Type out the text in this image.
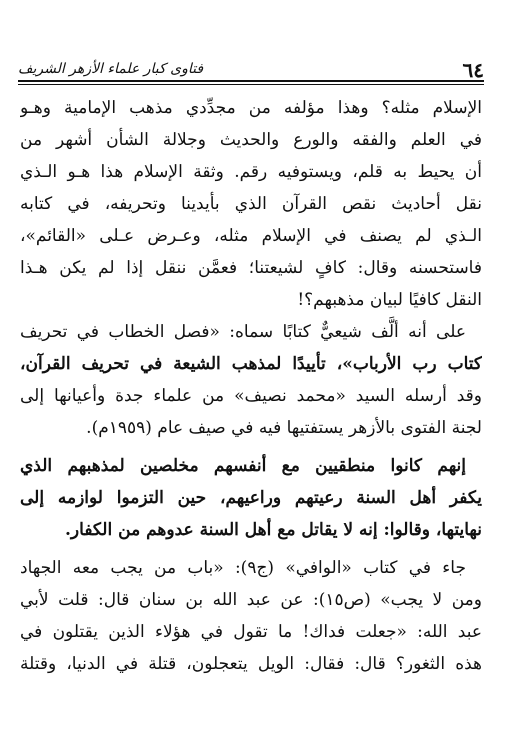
٦٤
فتاوى كبار علماء الأزهر الشريف
الإسلام مثله؟ وهذا مؤلفه من مجدِّدي مذهب الإمامية وهـو
في العلم والفقه والورع والحديث وجلالة الشأن أشهر من
أن يحيط به قلم، ويستوفيه رقم. وثقة الإسلام هذا هـو الـذي
نقل أحاديث نقص القرآن الذي بأيدينا وتحريفه، في كتابه
الـذي لم يصنف في الإسلام مثله، وعـرض عـلى «القائم»،
فاستحسنه وقال: كافٍ لشيعتنا؛ فعمَّن ننقل إذا لم يكن هـذا
النقل كافيًا لبيان مذهبهم؟!
على أنه ألَّف شيعيٌّ كتابًا سماه: «فصل الخطاب في تحريف
كتاب رب الأرباب»، تأييدًا لمذهب الشيعة في تحريف القرآن،
وقد أرسله السيد «محمد نصيف» من علماء جدة وأعيانها إلى
لجنة الفتوى بالأزهر يستفتيها فيه في صيف عام (١٩٥٩م).
إنهم كانوا منطقيين مع أنفسهم مخلصين لمذهبهم الذي
يكفر أهل السنة رعيتهم وراعيهم، حين التزموا لوازمه إلى
نهايتها، وقالوا: إنه لا يقاتل مع أهل السنة عدوهم من الكفار.
جاء في كتاب «الوافي» (ج٩): «باب من يجب معه الجهاد
ومن لا يجب» (ص١٥): عن عبد الله بن سنان قال: قلت لأبي
عبد الله: «جعلت فداك! ما تقول في هؤلاء الذين يقتلون في
هذه الثغور؟ قال: فقال: الويل يتعجلون، قتلة في الدنيا، وقتلة
